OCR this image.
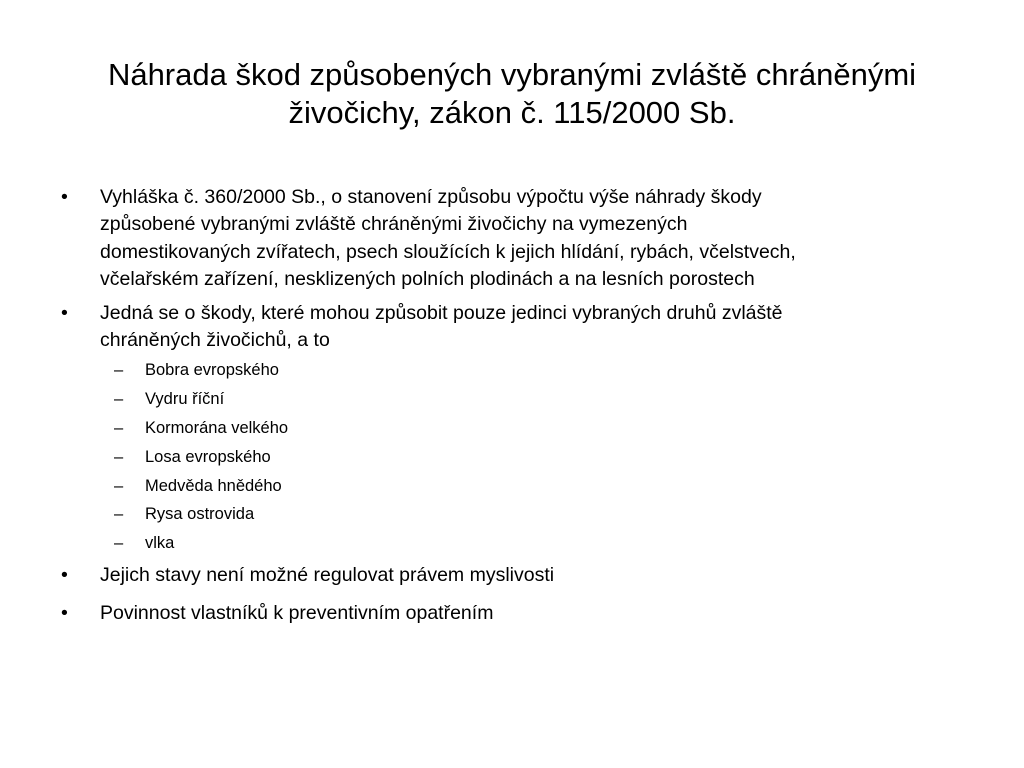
Náhrada škod způsobených vybranými zvláště chráněnými
živočichy, zákon č. 115/2000 Sb.
• Vyhláška č. 360/2000 Sb., o stanovení způsobu výpočtu výše náhrady škody
způsobené vybranými zvláště chráněnými živočichy na vymezených
domestikovaných zvířatech, psech sloužících k jejich hlídání, rybách, včelstvech,
včelařském zařízení, nesklizených polních plodinách a na lesních porostech
• Jedná se o škody, které mohou způsobit pouze jedinci vybraných druhů zvláště
chráněných živočichů, a to
– Bobra evropského
– Vydru říční
– Kormorána velkého
– Losa evropského
– Medvěda hnědého
– Rysa ostrovida
– vlka
• Jejich stavy není možné regulovat právem myslivosti
• Povinnost vlastníků k preventivním opatřením
